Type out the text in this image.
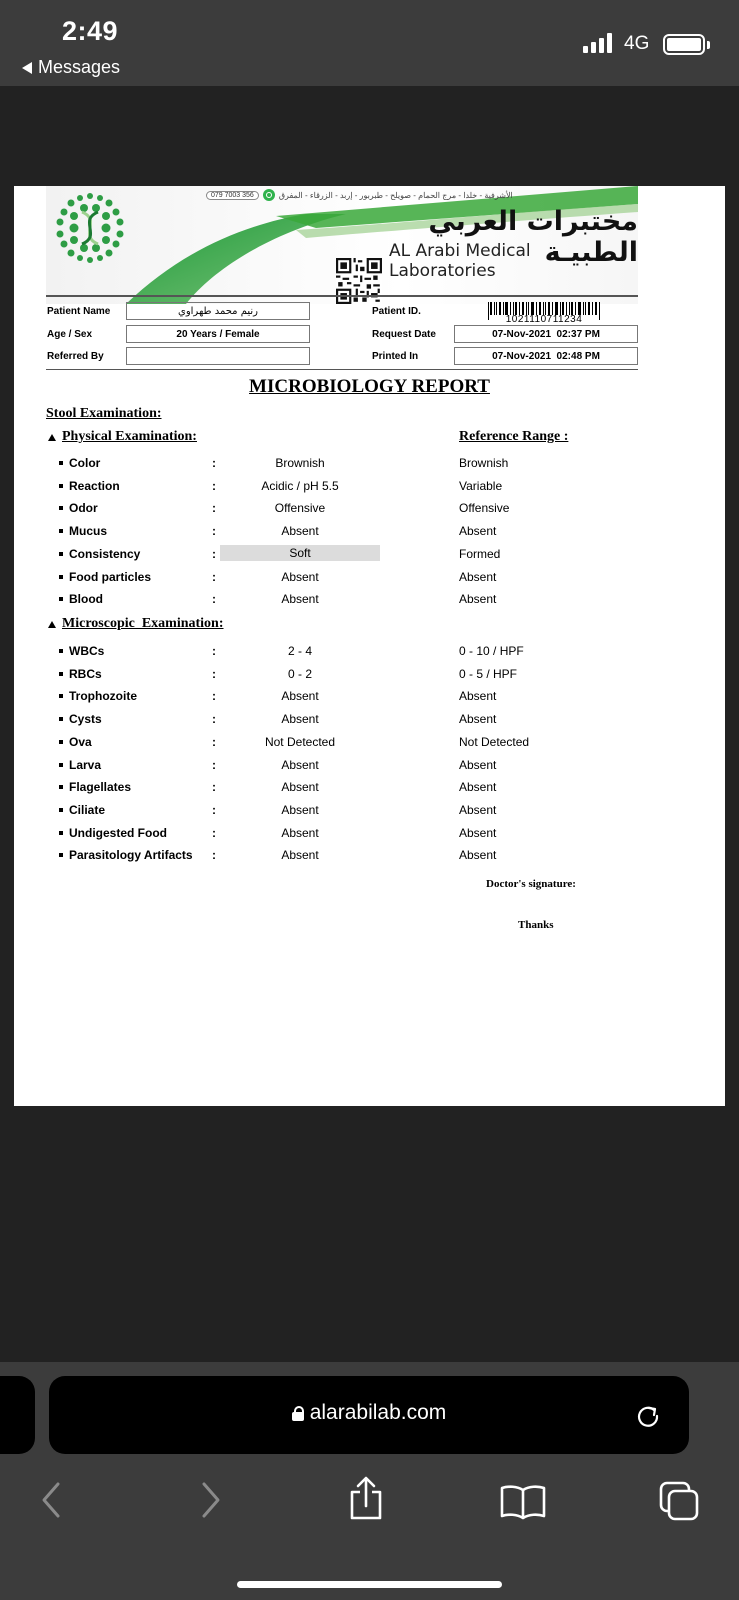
2:49
Messages
4G
079 7003 356	الأشرفية - خلدا - مرج الحمام - صويلح - طبربور - إربد - الزرقاء - المفرق
مختبرات العربي الطبيـة
AL Arabi Medical Laboratories
Patient Name	رنيم محمد طهراوي
Age / Sex	20 Years / Female
Referred By
Patient ID.
1021110711234
Request Date	07-Nov-2021  02:37 PM
Printed In	07-Nov-2021  02:48 PM
MICROBIOLOGY REPORT
Stool Examination:
Physical Examination:	Reference Range :
Microscopic  Examination:
Doctor's signature:
Thanks
Color	:	Brownish	Brownish
Reaction	:	Acidic / pH 5.5	Variable
Odor	:	Offensive	Offensive
Mucus	:	Absent	Absent
Consistency	:	Soft	Formed
Food particles	:	Absent	Absent
Blood	:	Absent	Absent
WBCs	:	2 - 4	0 - 10 / HPF
RBCs	:	0 - 2	0 - 5 / HPF
Trophozoite	:	Absent	Absent
Cysts	:	Absent	Absent
Ova	:	Not Detected	Not Detected
Larva	:	Absent	Absent
Flagellates	:	Absent	Absent
Ciliate	:	Absent	Absent
Undigested Food	:	Absent	Absent
Parasitology Artifacts :	Absent	Absent
alarabilab.com
